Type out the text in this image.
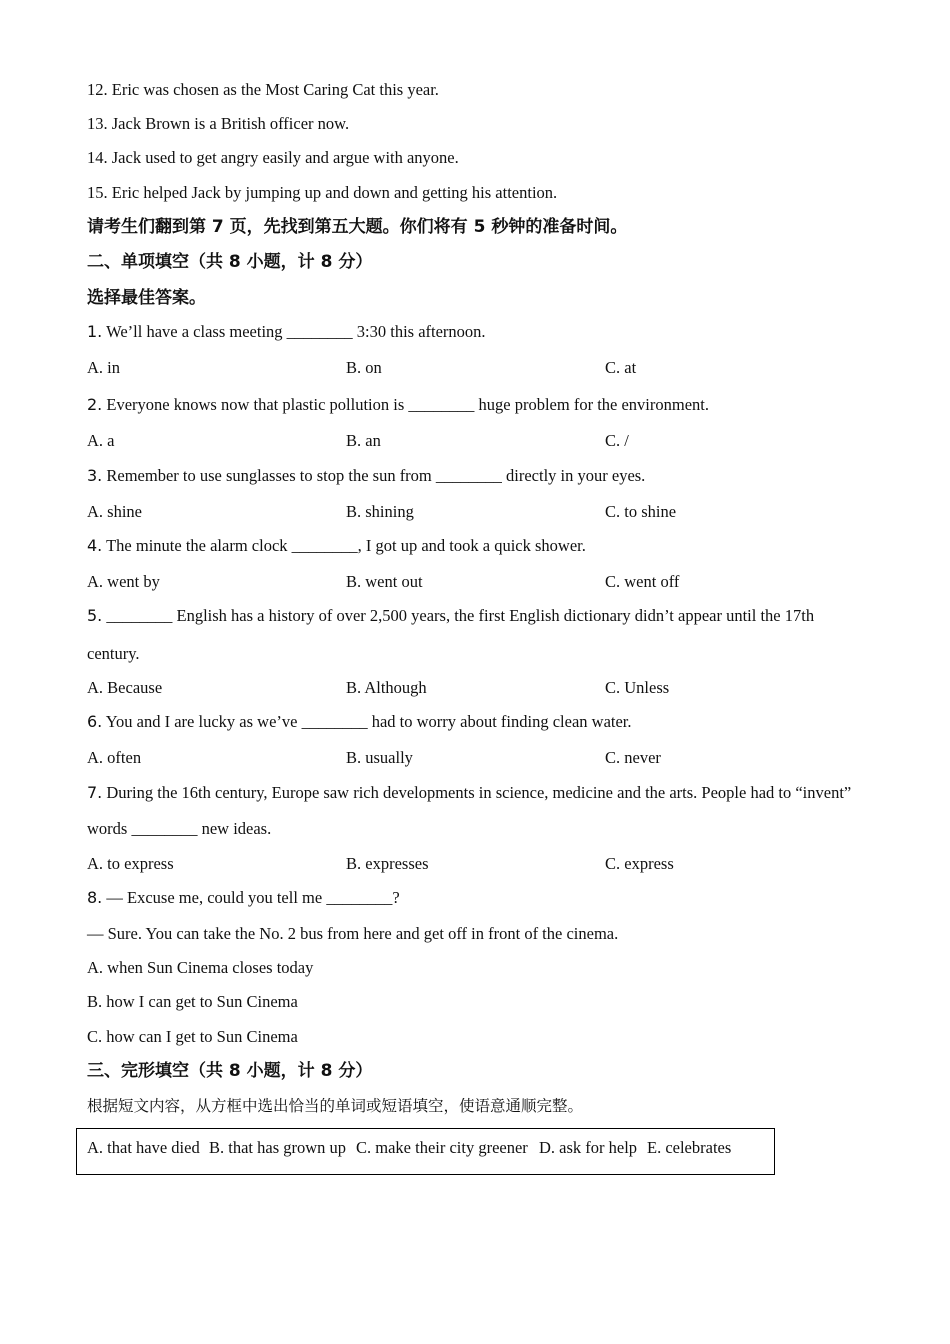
12. Eric was chosen as the Most Caring Cat this year.
13. Jack Brown is a British officer now.
14. Jack used to get angry easily and argue with anyone.
15. Eric helped Jack by jumping up and down and getting his attention.
请考生们翻到第 7 页，先找到第五大题。你们将有 5 秒钟的准备时间。
二、单项填空（共 8 小题，计 8 分）
选择最佳答案。
1. We’ll have a class meeting ________ 3:30 this afternoon.
A. in	B. on	C. at
2. Everyone knows now that plastic pollution is ________ huge problem for the environment.
A. a	B. an	C. /
3. Remember to use sunglasses to stop the sun from ________ directly in your eyes.
A. shine	B. shining	C. to shine
4. The minute the alarm clock ________, I got up and took a quick shower.
A. went by	B. went out	C. went off
5. ________ English has a history of over 2,500 years, the first English dictionary didn’t appear until the 17th
century.
A. Because	B. Although	C. Unless
6. You and I are lucky as we’ve ________ had to worry about finding clean water.
A. often	B. usually	C. never
7. During the 16th century, Europe saw rich developments in science, medicine and the arts. People had to “invent”
words ________ new ideas.
A. to express	B. expresses	C. express
8. — Excuse me, could you tell me ________?
— Sure. You can take the No. 2 bus from here and get off in front of the cinema.
A. when Sun Cinema closes today
B. how I can get to Sun Cinema
C. how can I get to Sun Cinema
三、完形填空（共 8 小题，计 8 分）
根据短文内容，从方框中选出恰当的单词或短语填空，使语意通顺完整。
A. that have died B. that has grown up C. make their city greener D. ask for help E. celebrates
